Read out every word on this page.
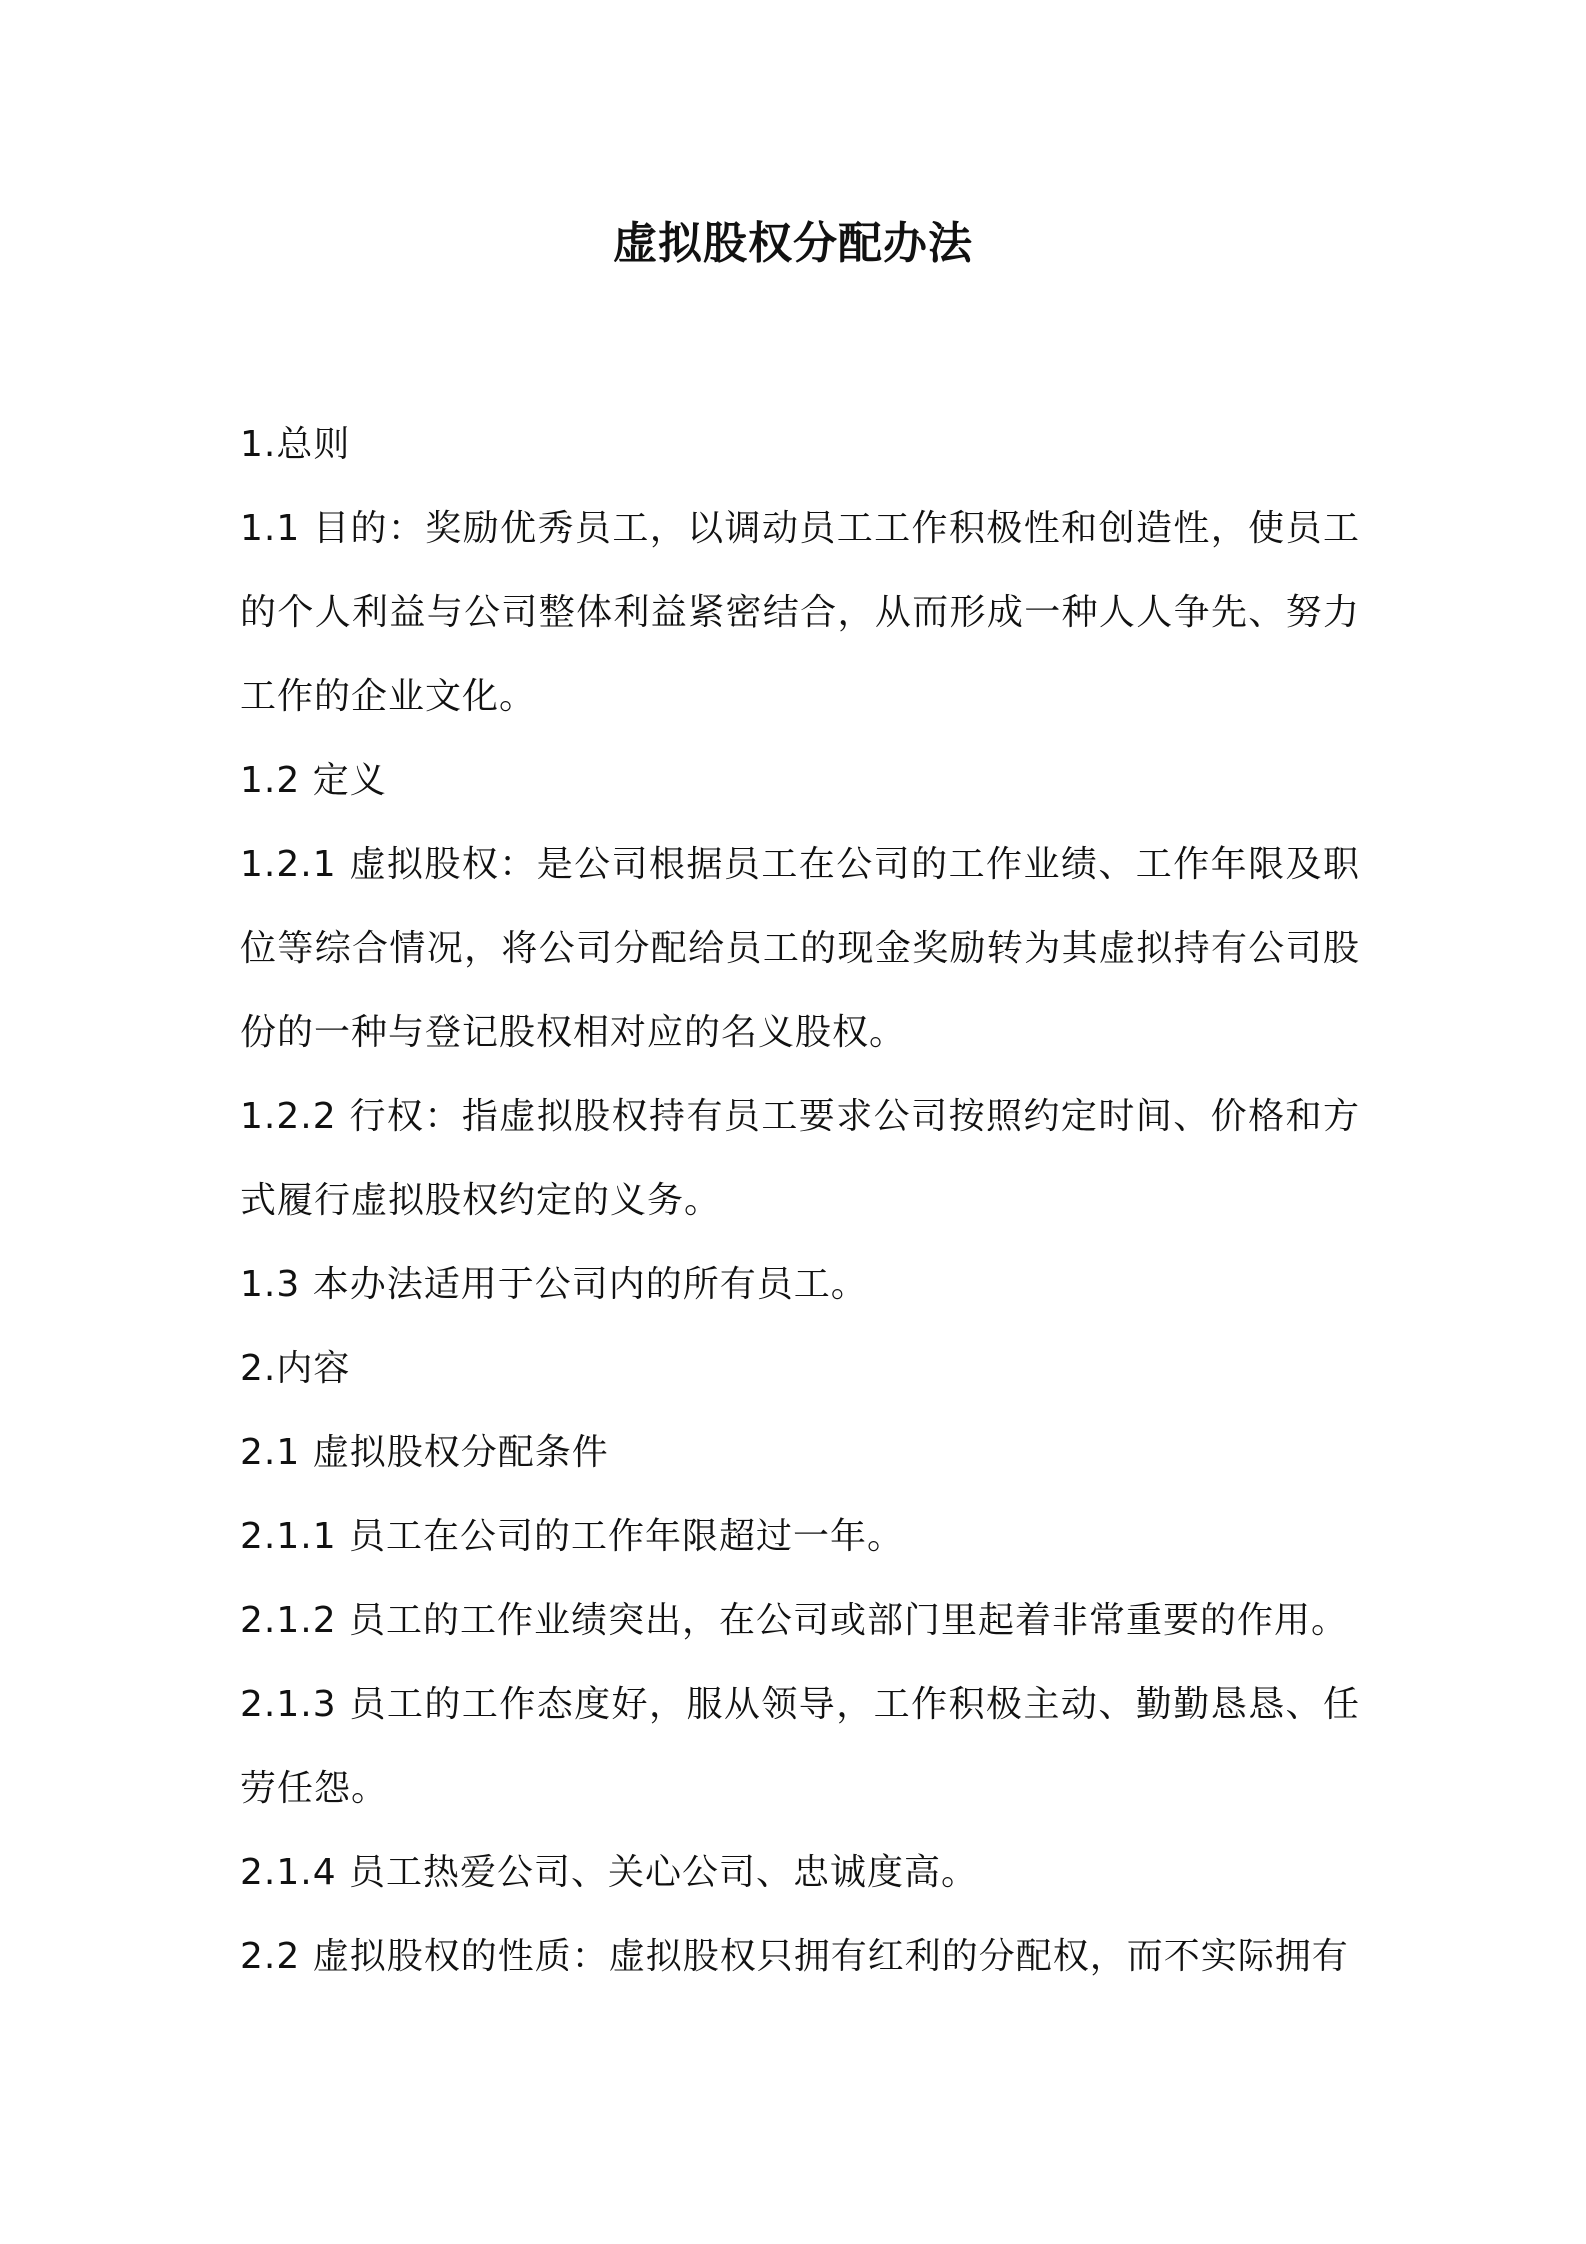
虚拟股权分配办法

1.总则

1.1 目的：奖励优秀员工，以调动员工工作积极性和创造性，使员工的个人利益与公司整体利益紧密结合，从而形成一种人人争先、努力工作的企业文化。

1.2 定义

1.2.1 虚拟股权：是公司根据员工在公司的工作业绩、工作年限及职位等综合情况，将公司分配给员工的现金奖励转为其虚拟持有公司股份的一种与登记股权相对应的名义股权。

1.2.2 行权：指虚拟股权持有员工要求公司按照约定时间、价格和方式履行虚拟股权约定的义务。

1.3 本办法适用于公司内的所有员工。

2.内容

2.1 虚拟股权分配条件

2.1.1 员工在公司的工作年限超过一年。

2.1.2 员工的工作业绩突出，在公司或部门里起着非常重要的作用。

2.1.3 员工的工作态度好，服从领导，工作积极主动、勤勤恳恳、任劳任怨。

2.1.4 员工热爱公司、关心公司、忠诚度高。

2.2 虚拟股权的性质：虚拟股权只拥有红利的分配权，而不实际拥有
